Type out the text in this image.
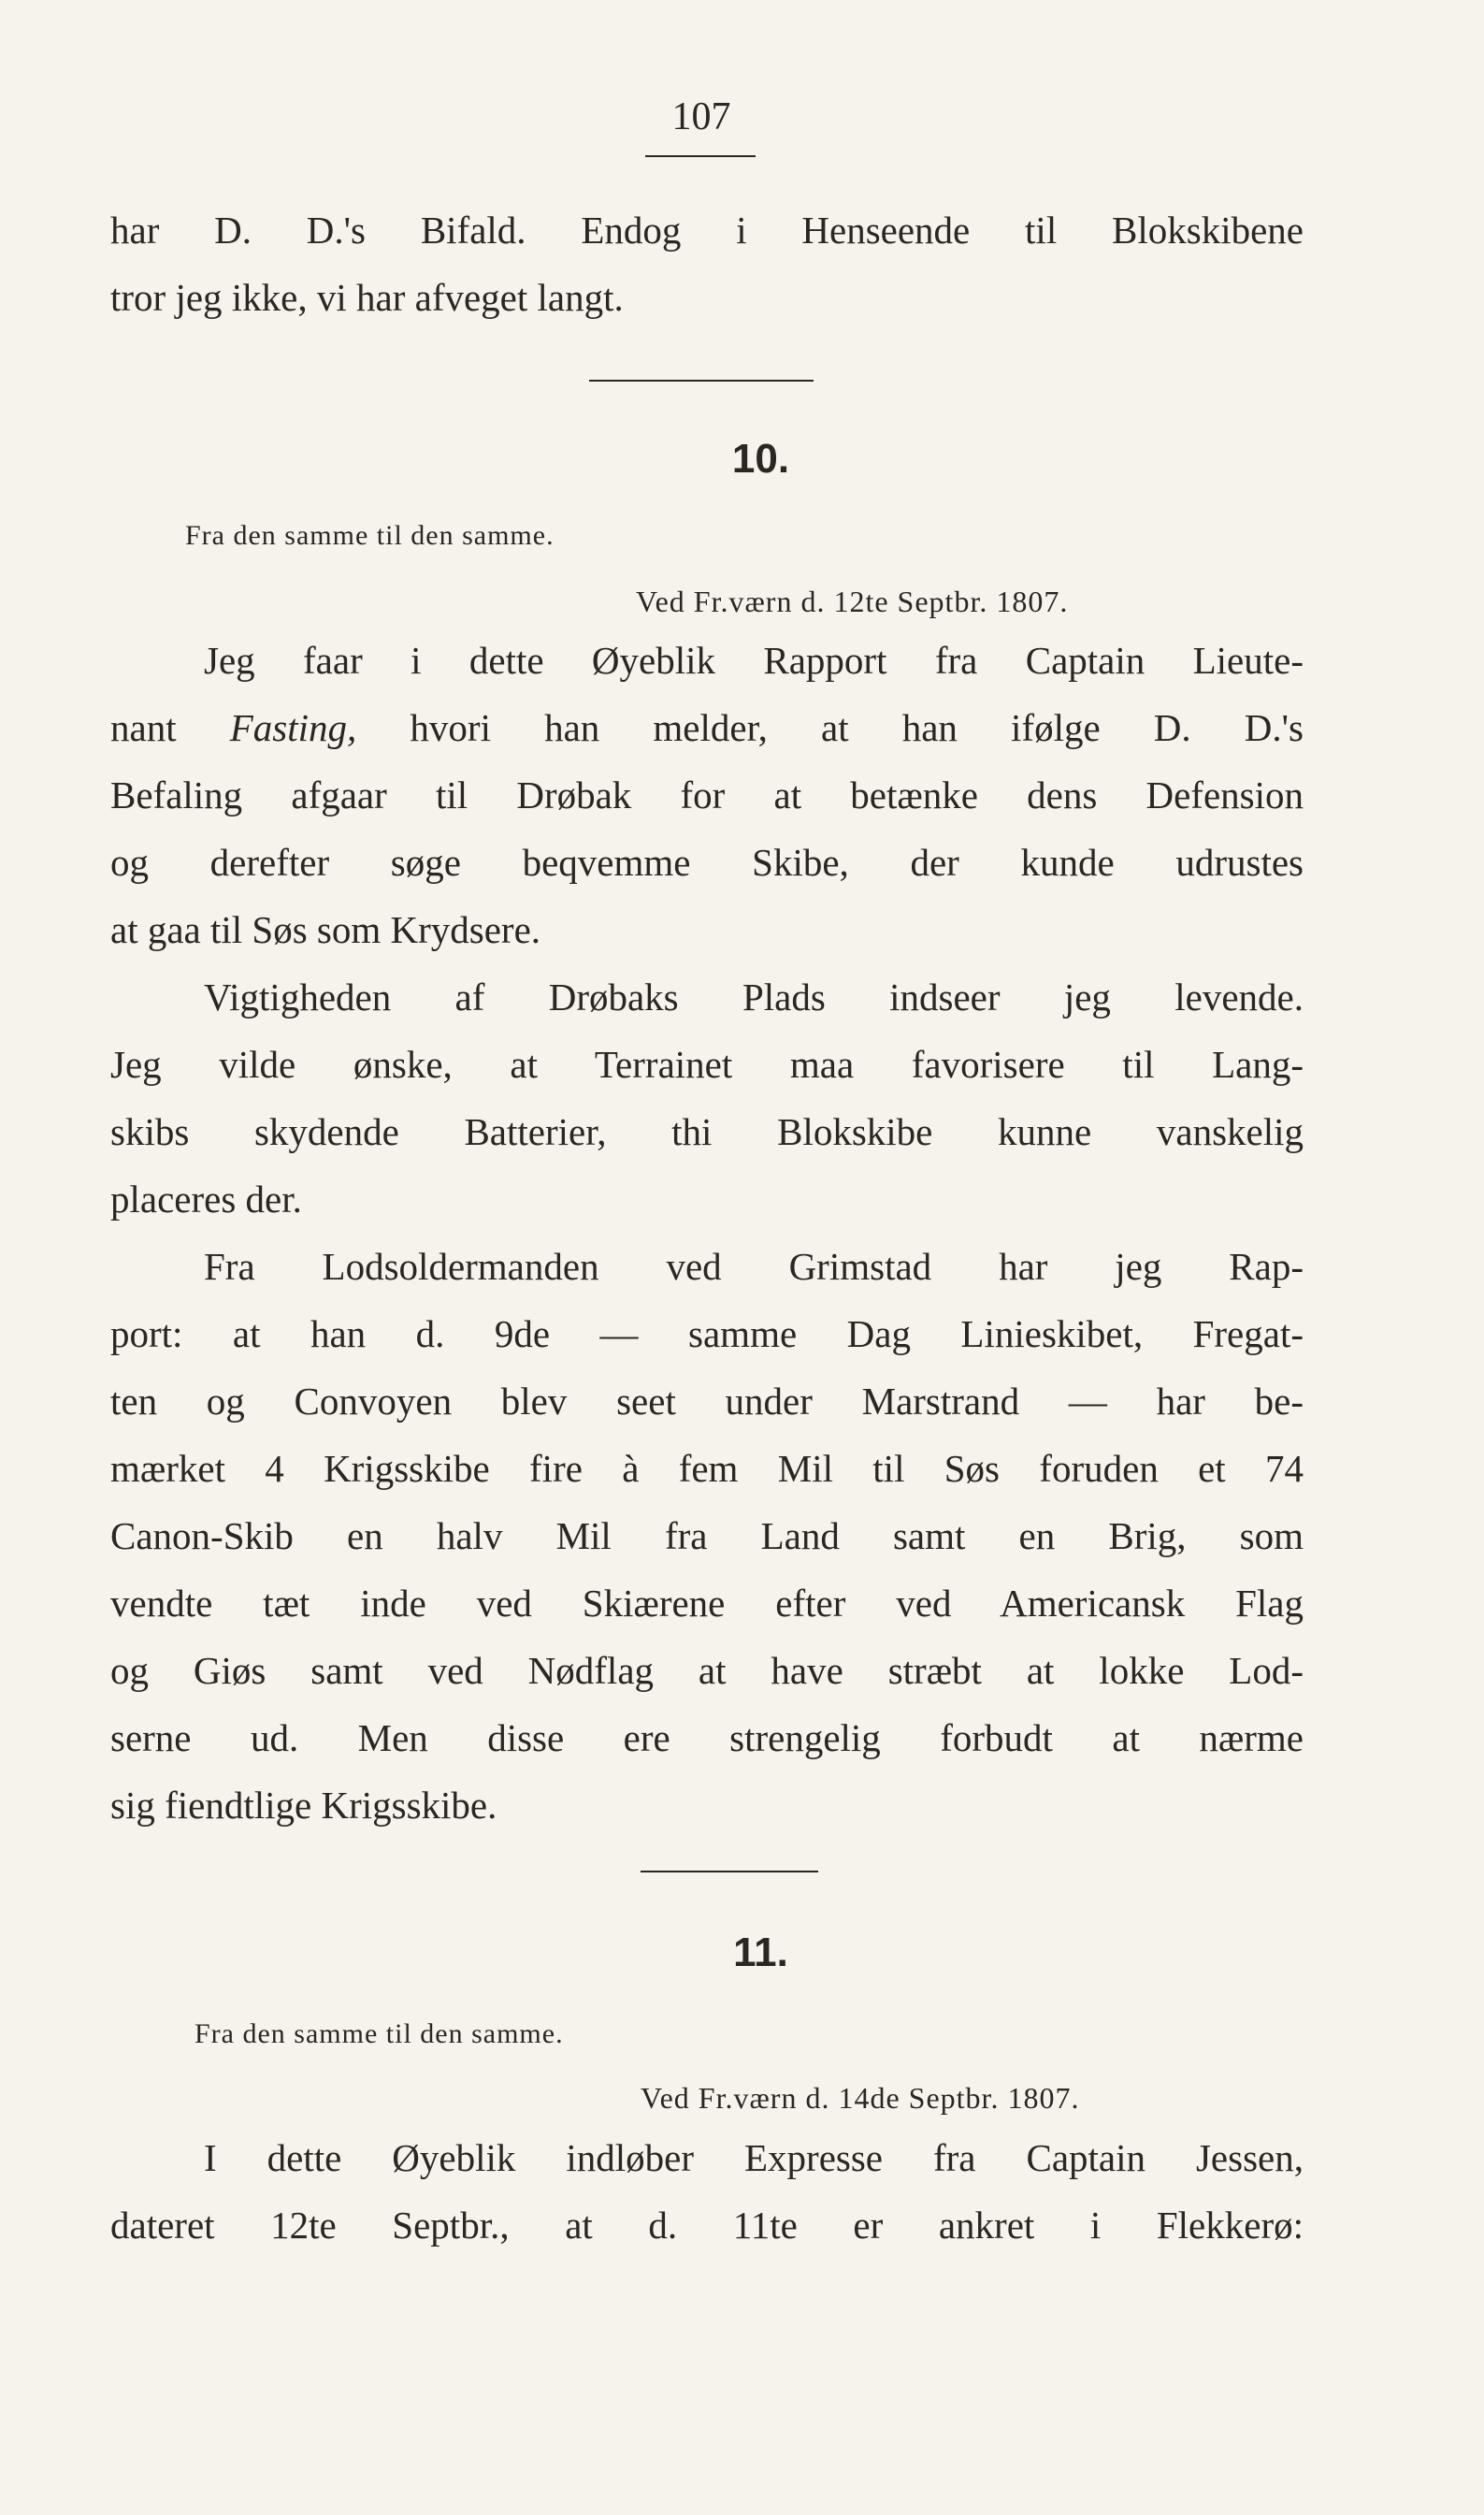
107
har D. D.'s Bifald. Endog i Henseende til Blokskibene
tror jeg ikke, vi har afveget langt.
10.
Fra den samme til den samme.
Ved Fr.værn d. 12te Septbr. 1807.
Jeg faar i dette Øyeblik Rapport fra Captain Lieute-
nant Fasting, hvori han melder, at han ifølge D. D.'s
Befaling afgaar til Drøbak for at betænke dens Defension
og derefter søge beqvemme Skibe, der kunde udrustes
at gaa til Søs som Krydsere.
Vigtigheden af Drøbaks Plads indseer jeg levende.
Jeg vilde ønske, at Terrainet maa favorisere til Lang-
skibs skydende Batterier, thi Blokskibe kunne vanskelig
placeres der.
Fra Lodsoldermanden ved Grimstad har jeg Rap-
port: at han d. 9de — samme Dag Linieskibet, Fregat-
ten og Convoyen blev seet under Marstrand — har be-
mærket 4 Krigsskibe fire à fem Mil til Søs foruden et 74
Canon-Skib en halv Mil fra Land samt en Brig, som
vendte tæt inde ved Skiærene efter ved Americansk Flag
og Giøs samt ved Nødflag at have stræbt at lokke Lod-
serne ud. Men disse ere strengelig forbudt at nærme
sig fiendtlige Krigsskibe.
11.
Fra den samme til den samme.
Ved Fr.værn d. 14de Septbr. 1807.
I dette Øyeblik indløber Expresse fra Captain Jessen,
dateret 12te Septbr., at d. 11te er ankret i Flekkerø:
